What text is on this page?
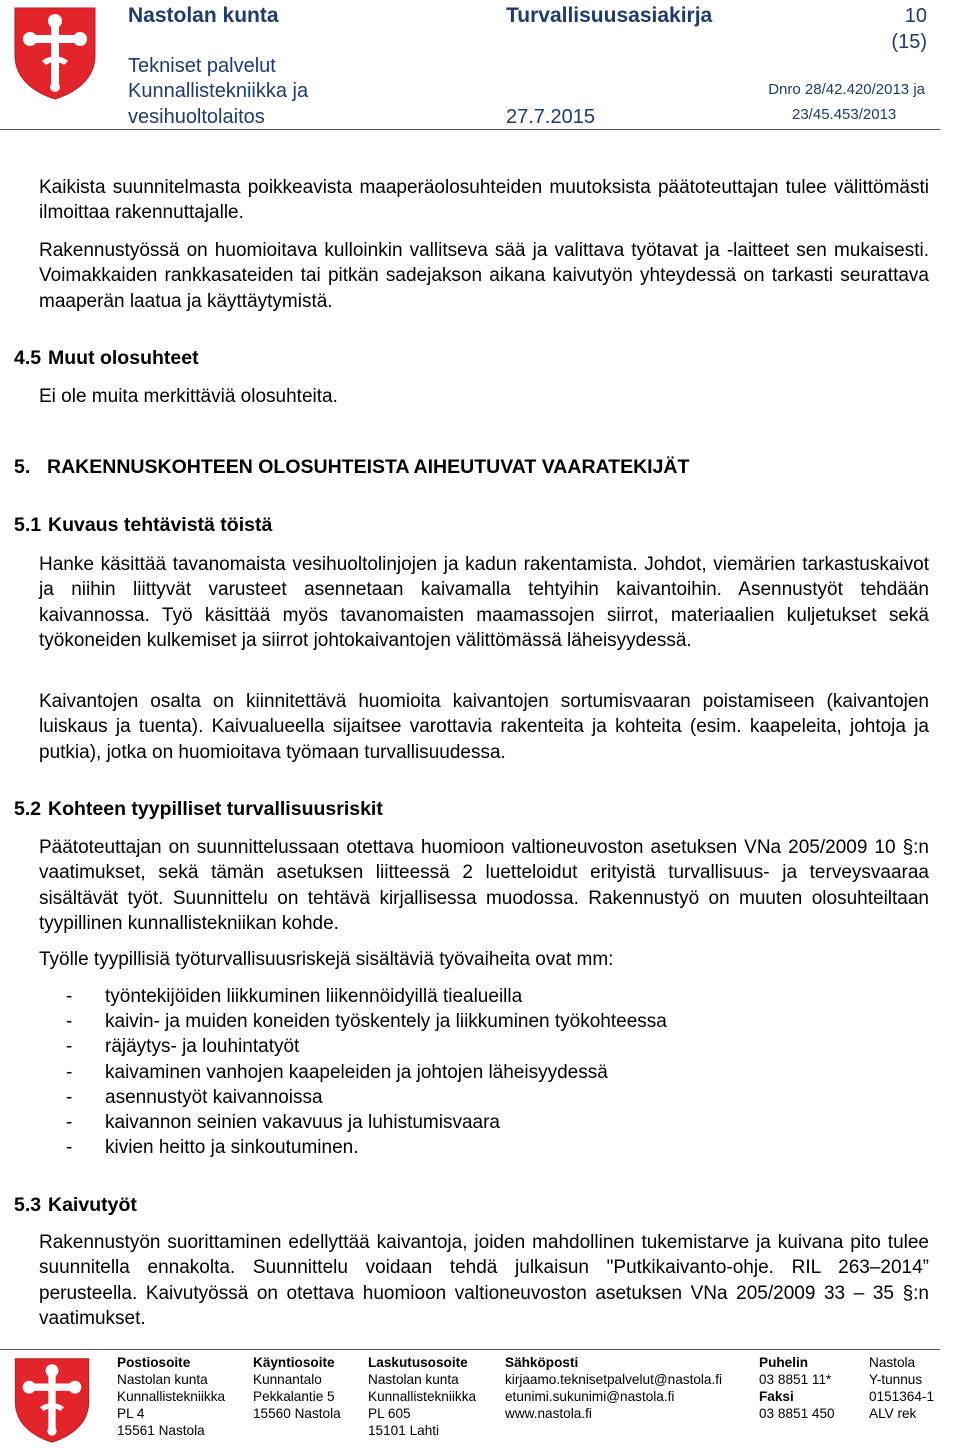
Nastolan kunta
Tekniset palvelut
Kunnallistekniikka ja
vesihuoltolaitos
Turvallisuusasiakirja
27.7.2015
10
(15)
Dnro 28/42.420/2013 ja
23/45.453/2013

Kaikista suunnitelmasta poikkeavista maaperäolosuhteiden muutoksista päätoteuttajan tulee välittömästi ilmoittaa rakennuttajalle.

Rakennustyössä on huomioitava kulloinkin vallitseva sää ja valittava työtavat ja -laitteet sen mukaisesti. Voimakkaiden rankkasateiden tai pitkän sadejakson aikana kaivutyön yhteydessä on tarkasti seurattava maaperän laatua ja käyttäytymistä.

4.5 Muut olosuhteet

Ei ole muita merkittäviä olosuhteita.

5. RAKENNUSKOHTEEN OLOSUHTEISTA AIHEUTUVAT VAARATEKIJÄT
5.1 Kuvaus tehtävistä töistä

Hanke käsittää tavanomaista vesihuoltolinjojen ja kadun rakentamista. Johdot, viemärien tarkastuskaivot ja niihin liittyvät varusteet asennetaan kaivamalla tehtyihin kaivantoihin. Asennustyöt tehdään kaivannossa. Työ käsittää myös tavanomaisten maamassojen siirrot, materiaalien kuljetukset sekä työkoneiden kulkemiset ja siirrot johtokaivantojen välittömässä läheisyydessä.

Kaivantojen osalta on kiinnitettävä huomioita kaivantojen sortumisvaaran poistamiseen (kaivantojen luiskaus ja tuenta). Kaivualueella sijaitsee varottavia rakenteita ja kohteita (esim. kaapeleita, johtoja ja putkia), jotka on huomioitava työmaan turvallisuudessa.

5.2 Kohteen tyypilliset turvallisuusriskit

Päätoteuttajan on suunnittelussaan otettava huomioon valtioneuvoston asetuksen VNa 205/2009 10 §:n vaatimukset, sekä tämän asetuksen liitteessä 2 luetteloidut erityistä turvallisuus- ja terveysvaaraa sisältävät työt. Suunnittelu on tehtävä kirjallisessa muodossa. Rakennustyö on muuten olosuhteiltaan tyypillinen kunnallistekniikan kohde.

Työlle tyypillisiä työturvallisuusriskejä sisältäviä työvaiheita ovat mm:

- työntekijöiden liikkuminen liikennöidyillä tiealueilla
- kaivin- ja muiden koneiden työskentely ja liikkuminen työkohteessa
- räjäytys- ja louhintatyöt
- kaivaminen vanhojen kaapeleiden ja johtojen läheisyydessä
- asennustyöt kaivannoissa
- kaivannon seinien vakavuus ja luhistumisvaara
- kivien heitto ja sinkoutuminen.
5.3 Kaivutyöt

Rakennustyön suorittaminen edellyttää kaivantoja, joiden mahdollinen tukemistarve ja kuivana pito tulee suunnitella ennakolta. Suunnittelu voidaan tehdä julkaisun "Putkikaivanto-ohje. RIL 263–2014” perusteella. Kaivutyössä on otettava huomioon valtioneuvoston asetuksen VNa 205/2009 33 – 35 §:n vaatimukset.

Postiosoite
Nastolan kunta
Kunnallistekniikka
PL 4
15561 Nastola
Käyntiosoite
Kunnantalo
Pekkalantie 5
15560 Nastola
Laskutusosoite
Nastolan kunta
Kunnallistekniikka
PL 605
15101 Lahti
Sähköposti
kirjaamo.teknisetpalvelut@nastola.fi
etunimi.sukunimi@nastola.fi
www.nastola.fi
Puhelin
03 8851 11*
Faksi
03 8851 450
Nastola
Y-tunnus
0151364-1
ALV rek
